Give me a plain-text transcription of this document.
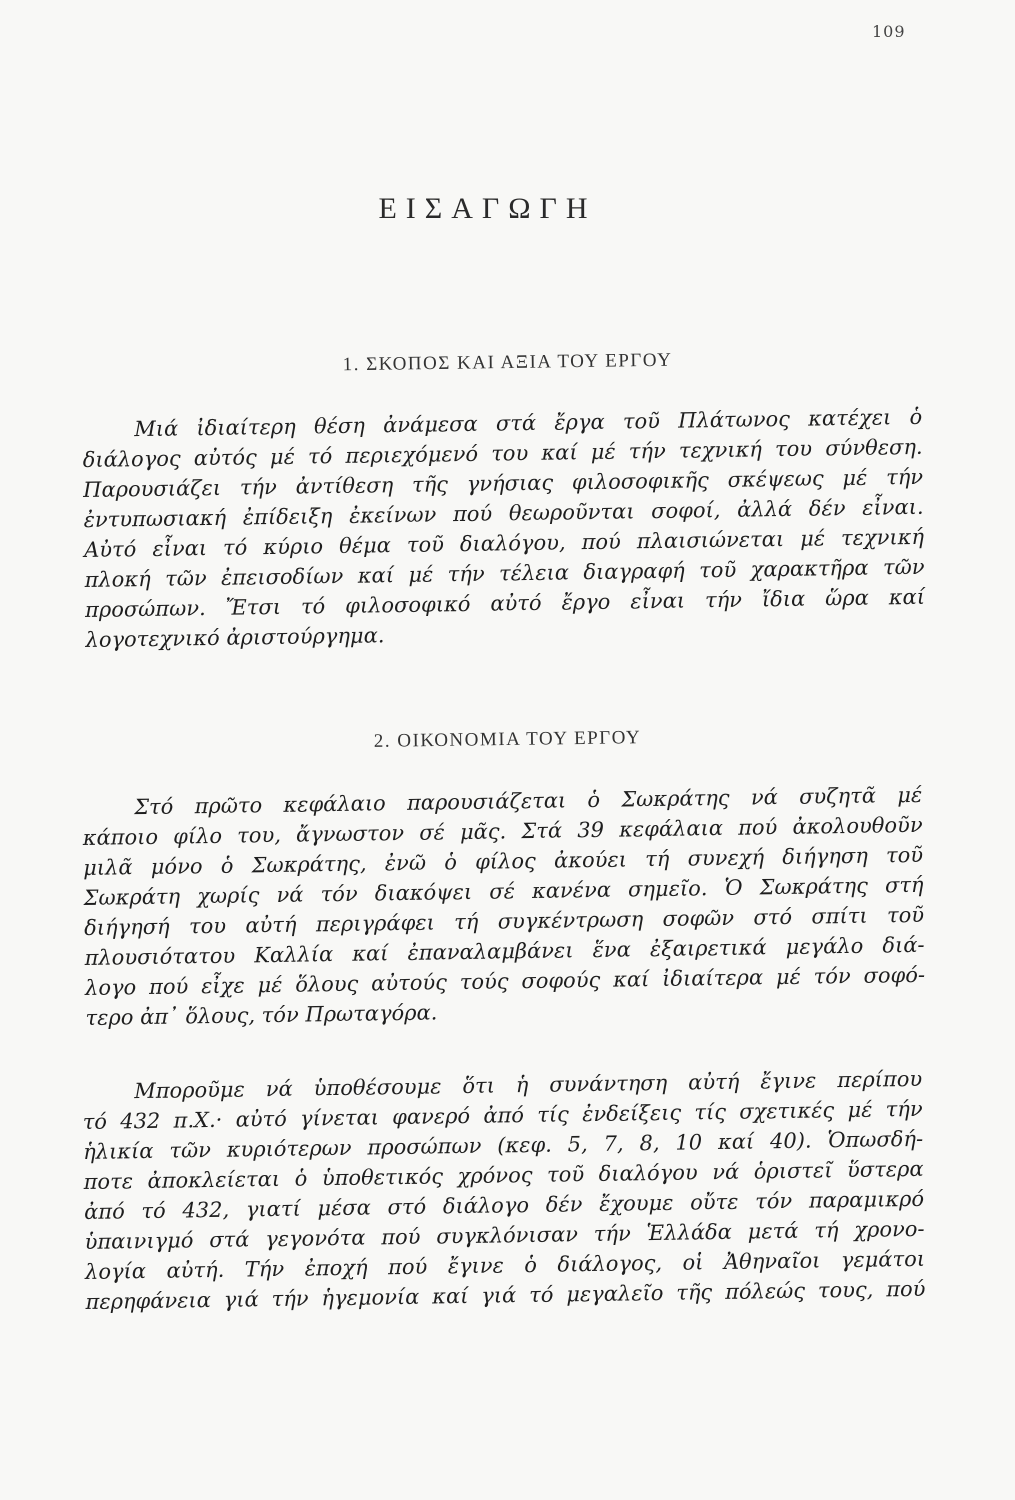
109
ΕΙΣΑΓΩΓΗ
1. ΣΚΟΠΟΣ ΚΑΙ ΑΞΙΑ ΤΟΥ ΕΡΓΟΥ

Μιά ἰδιαίτερη θέση ἀνάμεσα στά ἔργα τοῦ Πλάτωνος κατέχει ὁ
διάλογος αὐτός μέ τό περιεχόμενό του καί μέ τήν τεχνική του σύνθεση.
Παρουσιάζει τήν ἀντίθεση τῆς γνήσιας φιλοσοφικῆς σκέψεως μέ τήν
ἐντυπωσιακή ἐπίδειξη ἐκείνων πού θεωροῦνται σοφοί, ἀλλά δέν εἶναι.
Αὐτό εἶναι τό κύριο θέμα τοῦ διαλόγου, πού πλαισιώνεται μέ τεχνική
πλοκή τῶν ἐπεισοδίων καί μέ τήν τέλεια διαγραφή τοῦ χαρακτῆρα τῶν
προσώπων. Ἔτσι τό φιλοσοφικό αὐτό ἔργο εἶναι τήν ἴδια ὥρα καί
λογοτεχνικό ἀριστούργημα.

2. ΟΙΚΟΝΟΜΙΑ ΤΟΥ ΕΡΓΟΥ

Στό πρῶτο κεφάλαιο παρουσιάζεται ὁ Σωκράτης νά συζητᾶ μέ
κάποιο φίλο του, ἄγνωστον σέ μᾶς. Στά 39 κεφάλαια πού ἀκολουθοῦν
μιλᾶ μόνο ὁ Σωκράτης, ἐνῶ ὁ φίλος ἀκούει τή συνεχή διήγηση τοῦ
Σωκράτη χωρίς νά τόν διακόψει σέ κανένα σημεῖο. Ὁ Σωκράτης στή
διήγησή του αὐτή περιγράφει τή συγκέντρωση σοφῶν στό σπίτι τοῦ
πλουσιότατου Καλλία καί ἐπαναλαμβάνει ἕνα ἐξαιρετικά μεγάλο διά-
λογο πού εἶχε μέ ὅλους αὐτούς τούς σοφούς καί ἰδιαίτερα μέ τόν σοφό-
τερο ἀπ᾽ ὅλους, τόν Πρωταγόρα.

Μποροῦμε νά ὑποθέσουμε ὅτι ἡ συνάντηση αὐτή ἔγινε περίπου
τό 432 π.Χ.· αὐτό γίνεται φανερό ἀπό τίς ἐνδείξεις τίς σχετικές μέ τήν
ἡλικία τῶν κυριότερων προσώπων (κεφ. 5, 7, 8, 10 καί 40). Ὁπωσδή-
ποτε ἀποκλείεται ὁ ὑποθετικός χρόνος τοῦ διαλόγου νά ὁριστεῖ ὕστερα
ἀπό τό 432, γιατί μέσα στό διάλογο δέν ἔχουμε οὔτε τόν παραμικρό
ὑπαινιγμό στά γεγονότα πού συγκλόνισαν τήν Ἑλλάδα μετά τή χρονο-
λογία αὐτή. Τήν ἐποχή πού ἔγινε ὁ διάλογος, οἱ Ἀθηναῖοι γεμάτοι
περηφάνεια γιά τήν ἡγεμονία καί γιά τό μεγαλεῖο τῆς πόλεώς τους, πού
